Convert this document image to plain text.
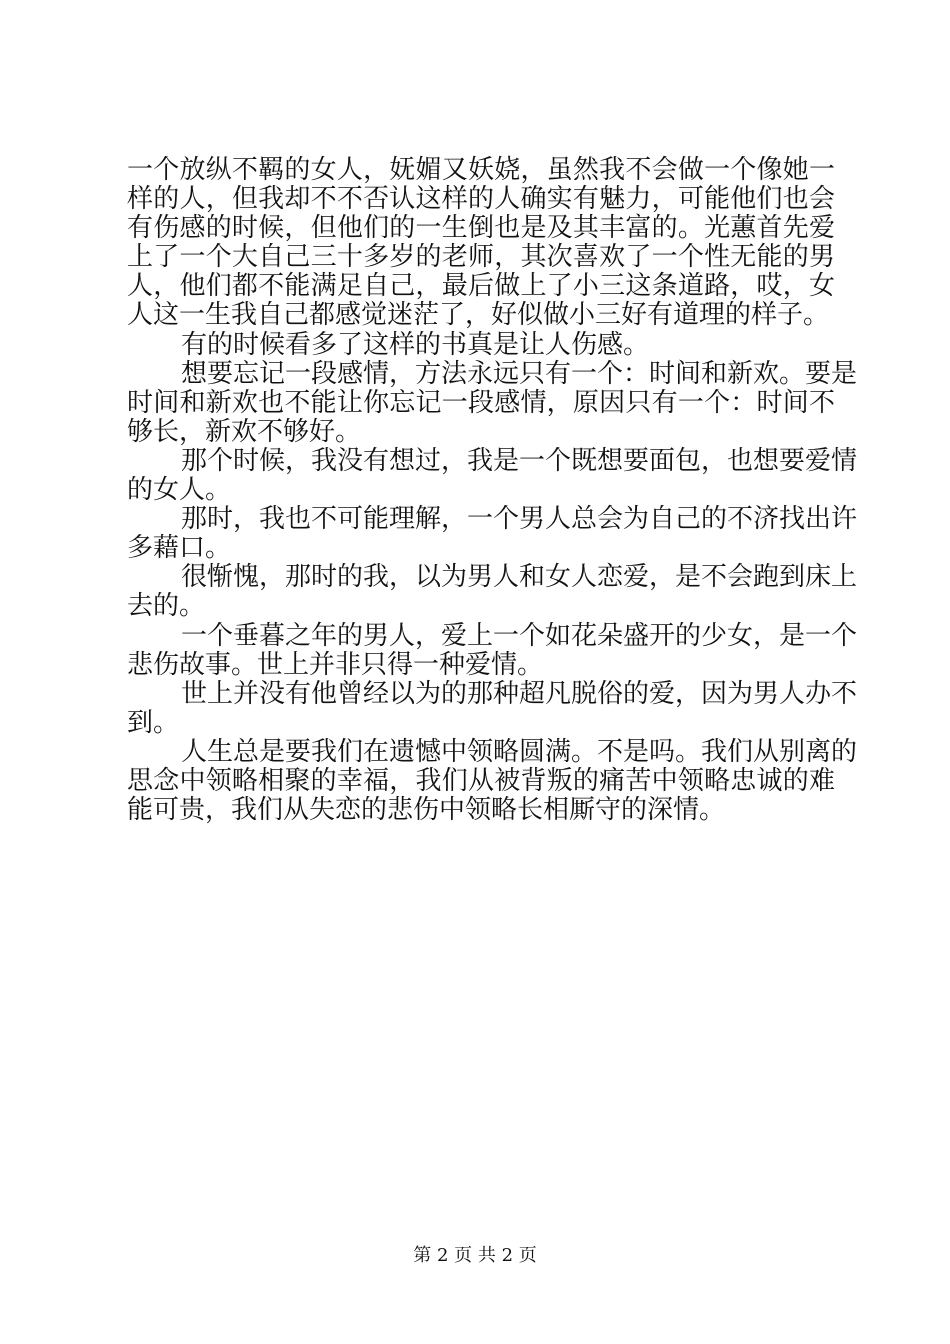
一个放纵不羁的女人，妩媚又妖娆，虽然我不会做一个像她一
样的人，但我却不不否认这样的人确实有魅力，可能他们也会
有伤感的时候，但他们的一生倒也是及其丰富的。光蕙首先爱
上了一个大自己三十多岁的老师，其次喜欢了一个性无能的男
人，他们都不能满足自己，最后做上了小三这条道路，哎，女
人这一生我自己都感觉迷茫了，好似做小三好有道理的样子。
有的时候看多了这样的书真是让人伤感。
想要忘记一段感情，方法永远只有一个：时间和新欢。要是
时间和新欢也不能让你忘记一段感情，原因只有一个：时间不
够长，新欢不够好。
那个时候，我没有想过，我是一个既想要面包，也想要爱情
的女人。
那时，我也不可能理解，一个男人总会为自己的不济找出许
多藉口。
很惭愧，那时的我，以为男人和女人恋爱，是不会跑到床上
去的。
一个垂暮之年的男人，爱上一个如花朵盛开的少女，是一个
悲伤故事。世上并非只得一种爱情。
世上并没有他曾经以为的那种超凡脱俗的爱，因为男人办不
到。
人生总是要我们在遗憾中领略圆满。不是吗。我们从别离的
思念中领略相聚的幸福，我们从被背叛的痛苦中领略忠诚的难
能可贵，我们从失恋的悲伤中领略长相厮守的深情。
第 2 页 共 2 页
